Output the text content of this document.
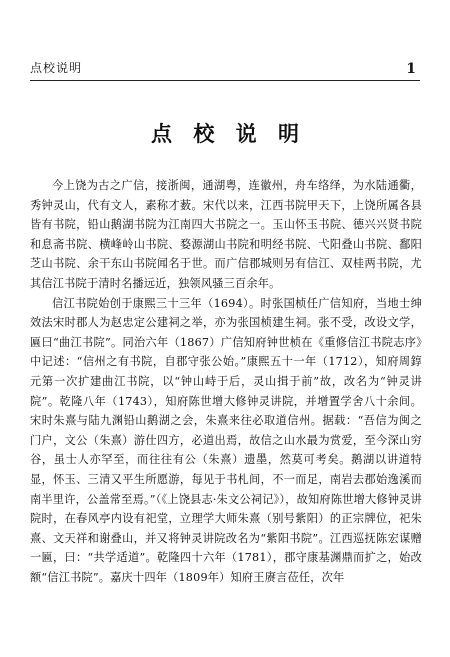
点校说明	1
点 校 说 明

今上饶为古之广信，接浙闽，通湖粤，连徽州，舟车络绎，为水陆通衢，秀钟灵山，代有文人，素称才薮。宋代以来，江西书院甲天下，上饶所属各县皆有书院，铅山鹅湖书院为江南四大书院之一。玉山怀玉书院、德兴兴贤书院和息斋书院、横峰岭山书院、婺源湖山书院和明经书院、弋阳叠山书院、鄱阳芝山书院、余干东山书院闻名于世。而广信郡城则另有信江、双桂两书院，尤其信江书院于清时名播远近，独领风骚三百余年。

信江书院始创于康熙三十三年（1694）。时张国桢任广信知府，当地士绅效法宋时郡人为赵忠定公建祠之举，亦为张国桢建生祠。张不受，改设文学，匾曰“曲江书院”。同治六年（1867）广信知府钟世桢在《重修信江书院志序》中记述：“信州之有书院，自郡守张公始。”康熙五十一年（1712），知府周錞元第一次扩建曲江书院，以“钟山峙于后，灵山揖于前”故，改名为“钟灵讲院”。乾隆八年（1743），知府陈世增大修钟灵讲院，并增置学舍八十余间。宋时朱熹与陆九渊铅山鹅湖之会，朱熹来往必取道信州。据载：“吾信为闽之门户，文公（朱熹）游仕四方，必道出焉，故信之山水最为赏爱，至今深山穷谷，虽士人亦罕至，而往往有公（朱熹）遗墨，然莫可考矣。鹅湖以讲道特显，怀玉、三清又平生所愿游，每见于书札间，不一而足，南岩去郡始逸溪而南半里许，公盖常至焉。”（《上饶县志·朱文公祠记》），故知府陈世增大修钟灵讲院时，在春风亭内设有祀堂，立理学大师朱熹（别号紫阳）的正宗牌位，祀朱熹、文天祥和谢叠山，并又将钟灵讲院改名为“紫阳书院”。江西巡抚陈宏谋赠一匾，曰：“共学适道”。乾隆四十六年（1781），郡守康基渊鼎而扩之，始改额“信江书院”。嘉庆十四年（1809年）知府王赓言莅任，次年
